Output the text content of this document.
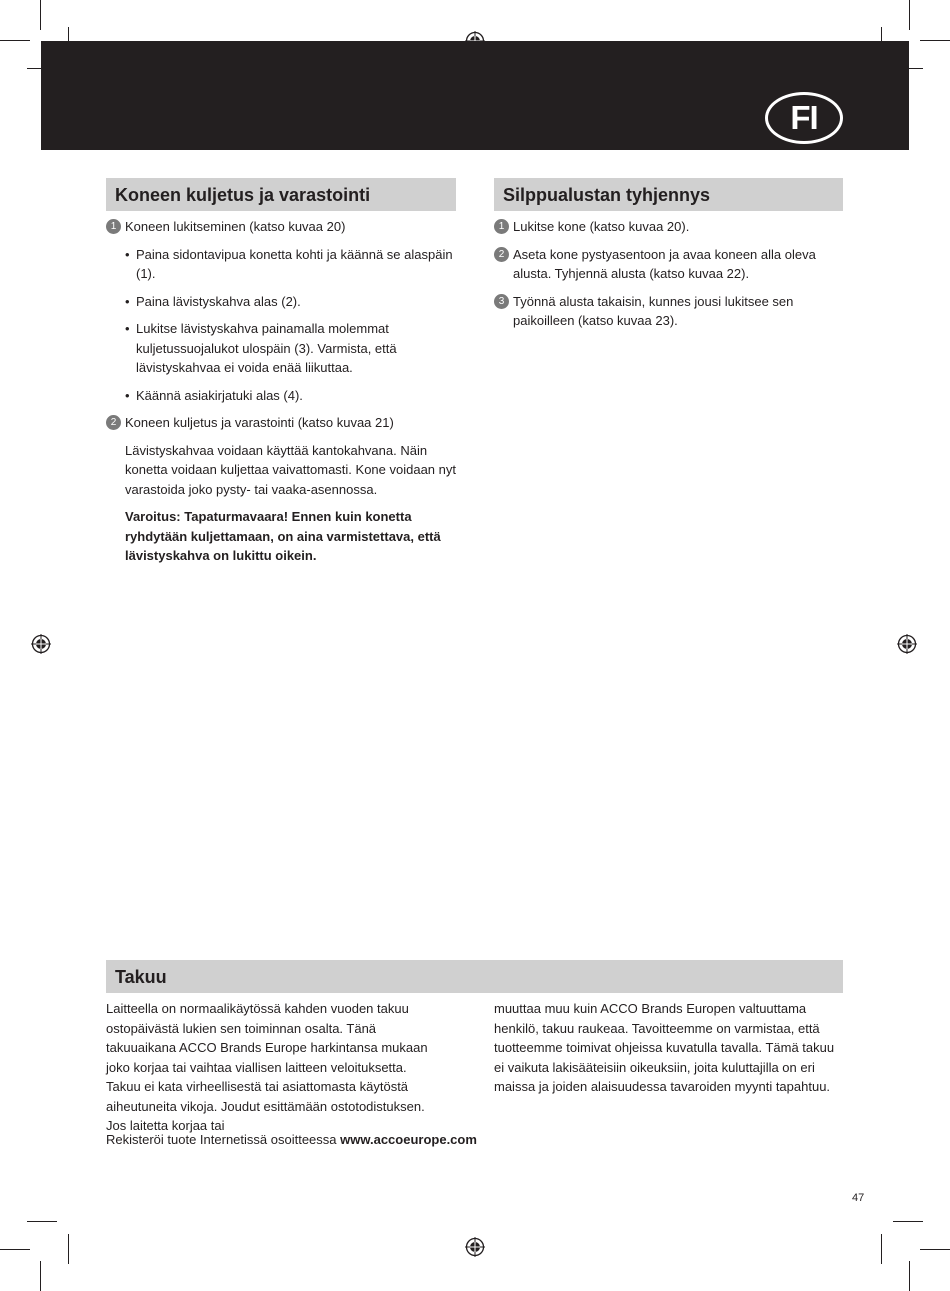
FI
Koneen kuljetus ja varastointi
1 Koneen lukitseminen (katso kuvaa 20)
• Paina sidontavipua konetta kohti ja käännä se alaspäin (1).
• Paina lävistyskahva alas (2).
• Lukitse lävistyskahva painamalla molemmat kuljetussuojalukot ulospäin (3). Varmista, että lävistyskahvaa ei voida enää liikuttaa.
• Käännä asiakirjatuki alas (4).
2 Koneen kuljetus ja varastointi (katso kuvaa 21)
Lävistyskahvaa voidaan käyttää kantokahvana. Näin konetta voidaan kuljettaa vaivattomasti. Kone voidaan nyt varastoida joko pysty- tai vaaka-asennossa.
Varoitus: Tapaturmavaara! Ennen kuin konetta ryhdytään kuljettamaan, on aina varmistettava, että lävistyskahva on lukittu oikein.
Silppualustan tyhjennys
1 Lukitse kone (katso kuvaa 20).
2 Aseta kone pystyasentoon ja avaa koneen alla oleva alusta. Tyhjennä alusta (katso kuvaa 22).
3 Työnnä alusta takaisin, kunnes jousi lukitsee sen paikoilleen (katso kuvaa 23).
Takuu
Laitteella on normaalikäytössä kahden vuoden takuu ostopäivästä lukien sen toiminnan osalta. Tänä takuuaikana ACCO Brands Europe harkintansa mukaan joko korjaa tai vaihtaa viallisen laitteen veloituksetta. Takuu ei kata virheellisestä tai asiattomasta käytöstä aiheutuneita vikoja. Joudut esittämään ostotodistuksen. Jos laitetta korjaa tai
muuttaa muu kuin ACCO Brands Europen valtuuttama henkilö, takuu raukeaa. Tavoitteemme on varmistaa, että tuotteemme toimivat ohjeissa kuvatulla tavalla. Tämä takuu ei vaikuta lakisääteisiin oikeuksiin, joita kuluttajilla on eri maissa ja joiden alaisuudessa tavaroiden myynti tapahtuu.
Rekisteröi tuote Internetissä osoitteessa www.accoeurope.com
47
